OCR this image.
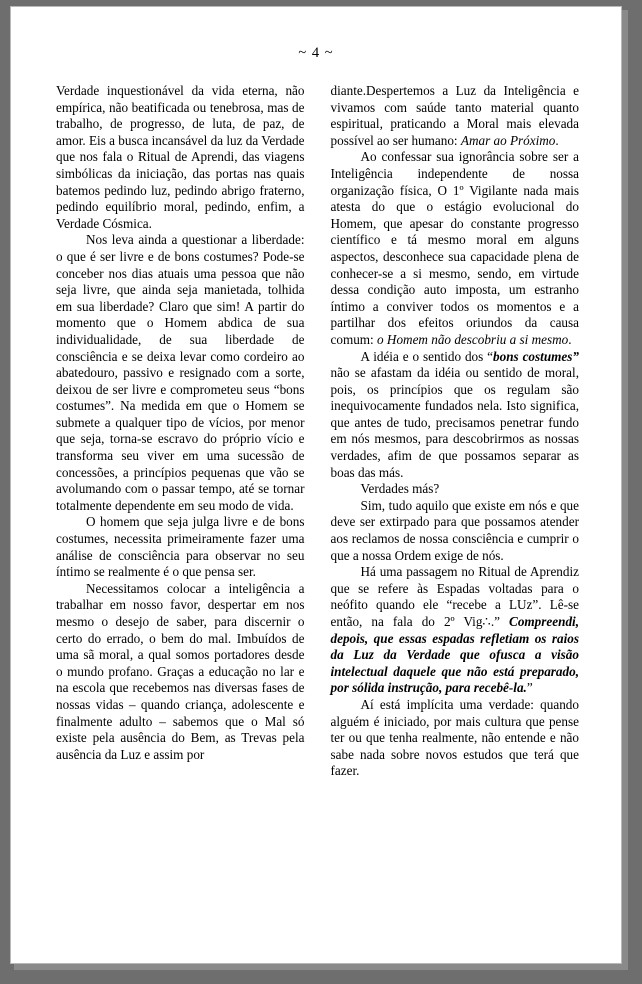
~ 4 ~

Verdade inquestionável da vida eterna, não empírica, não beatificada ou tenebrosa, mas de trabalho, de progresso, de luta, de paz, de amor. Eis a busca incansável da luz da Verdade que nos fala o Ritual de Aprendi, das viagens simbólicas da iniciação, das portas nas quais batemos pedindo luz, pedindo abrigo fraterno, pedindo equilíbrio moral, pedindo, enfim, a Verdade Cósmica.

Nos leva ainda a questionar a liberdade: o que é ser livre e de bons costumes? Pode-se conceber nos dias atuais uma pessoa que não seja livre, que ainda seja manietada, tolhida em sua liberdade? Claro que sim! A partir do momento que o Homem abdica de sua individualidade, de sua liberdade de consciência e se deixa levar como cordeiro ao abatedouro, passivo e resignado com a sorte, deixou de ser livre e comprometeu seus “bons costumes”. Na medida em que o Homem se submete a qualquer tipo de vícios, por menor que seja, torna-se escravo do próprio vício e transforma seu viver em uma sucessão de concessões, a princípios pequenas que vão se avolumando com o passar tempo, até se tornar totalmente dependente em seu modo de vida.

O homem que seja julga livre e de bons costumes, necessita primeiramente fazer uma análise de consciência para observar no seu íntimo se realmente é o que pensa ser.

Necessitamos colocar a inteligência a trabalhar em nosso favor, despertar em nos mesmo o desejo de saber, para discernir o certo do errado, o bem do mal. Imbuídos de uma sã moral, a qual somos portadores desde o mundo profano. Graças a educação no lar e na escola que recebemos nas diversas fases de nossas vidas – quando criança, adolescente e finalmente adulto – sabemos que o Mal só existe pela ausência do Bem, as Trevas pela ausência da Luz e assim por

diante.Despertemos a Luz da Inteligência e vivamos com saúde tanto material quanto espiritual, praticando a Moral mais elevada possível ao ser humano: Amar ao Próximo.

Ao confessar sua ignorância sobre ser a Inteligência independente de nossa organização física, O 1º Vigilante nada mais atesta do que o estágio evolucional do Homem, que apesar do constante progresso científico e tá mesmo moral em alguns aspectos, desconhece sua capacidade plena de conhecer-se a si mesmo, sendo, em virtude dessa condição auto imposta, um estranho íntimo a conviver todos os momentos e a partilhar dos efeitos oriundos da causa comum: o Homem não descobriu a si mesmo.

A idéia e o sentido dos “bons costumes” não se afastam da idéia ou sentido de moral, pois, os princípios que os regulam são inequivocamente fundados nela. Isto significa, que antes de tudo, precisamos penetrar fundo em nós mesmos, para descobrirmos as nossas verdades, afim de que possamos separar as boas das más.

Verdades más?

Sim, tudo aquilo que existe em nós e que deve ser extirpado para que possamos atender aos reclamos de nossa consciência e cumprir o que a nossa Ordem exige de nós.

Há uma passagem no Ritual de Aprendiz que se refere às Espadas voltadas para o neófito quando ele “recebe a LUz”. Lê-se então, na fala do 2º Vig∴.” Compreendi, depois, que essas espadas refletiam os raios da Luz da Verdade que ofusca a visão intelectual daquele que não está preparado, por sólida instrução, para recebê-la.”

Aí está implícita uma verdade: quando alguém é iniciado, por mais cultura que pense ter ou que tenha realmente, não entende e não sabe nada sobre novos estudos que terá que fazer.
